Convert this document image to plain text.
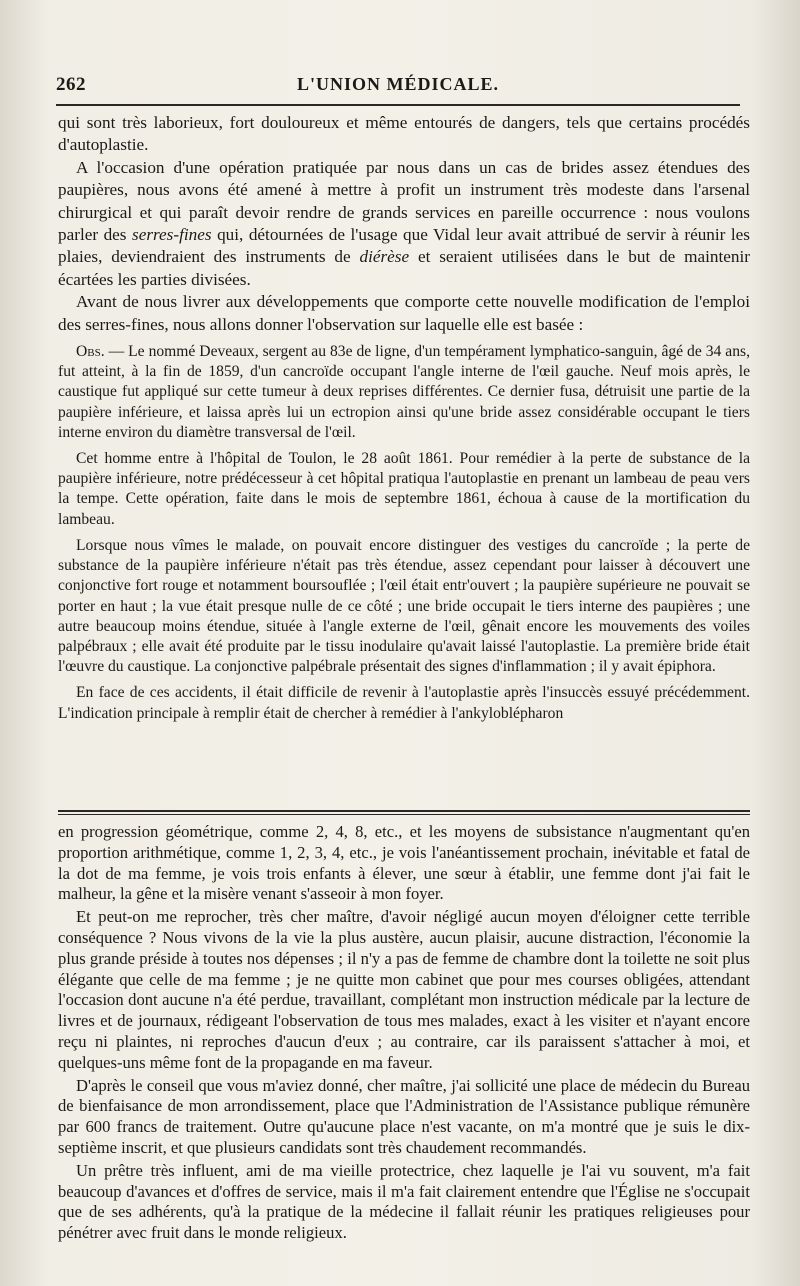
262	L'UNION MÉDICALE.

qui sont très laborieux, fort douloureux et même entourés de dangers, tels que certains procédés d'autoplastie.

A l'occasion d'une opération pratiquée par nous dans un cas de brides assez étendues des paupières, nous avons été amené à mettre à profit un instrument très modeste dans l'arsenal chirurgical et qui paraît devoir rendre de grands services en pareille occurrence : nous voulons parler des serres-fines qui, détournées de l'usage que Vidal leur avait attribué de servir à réunir les plaies, deviendraient des instruments de diérèse et seraient utilisées dans le but de maintenir écartées les parties divisées.

Avant de nous livrer aux développements que comporte cette nouvelle modification de l'emploi des serres-fines, nous allons donner l'observation sur laquelle elle est basée :

Obs. — Le nommé Deveaux, sergent au 83e de ligne, d'un tempérament lymphatico-sanguin, âgé de 34 ans, fut atteint, à la fin de 1859, d'un cancroïde occupant l'angle interne de l'œil gauche. Neuf mois après, le caustique fut appliqué sur cette tumeur à deux reprises différentes. Ce dernier fusa, détruisit une partie de la paupière inférieure, et laissa après lui un ectropion ainsi qu'une bride assez considérable occupant le tiers interne environ du diamètre transversal de l'œil.

Cet homme entre à l'hôpital de Toulon, le 28 août 1861. Pour remédier à la perte de substance de la paupière inférieure, notre prédécesseur à cet hôpital pratiqua l'autoplastie en prenant un lambeau de peau vers la tempe. Cette opération, faite dans le mois de septembre 1861, échoua à cause de la mortification du lambeau.

Lorsque nous vîmes le malade, on pouvait encore distinguer des vestiges du cancroïde ; la perte de substance de la paupière inférieure n'était pas très étendue, assez cependant pour laisser à découvert une conjonctive fort rouge et notamment boursouflée ; l'œil était entr'ouvert ; la paupière supérieure ne pouvait se porter en haut ; la vue était presque nulle de ce côté ; une bride occupait le tiers interne des paupières ; une autre beaucoup moins étendue, située à l'angle externe de l'œil, gênait encore les mouvements des voiles palpébraux ; elle avait été produite par le tissu inodulaire qu'avait laissé l'autoplastie. La première bride était l'œuvre du caustique. La conjonctive palpébrale présentait des signes d'inflammation ; il y avait épiphora.

En face de ces accidents, il était difficile de revenir à l'autoplastie après l'insuccès essuyé précédemment. L'indication principale à remplir était de chercher à remédier à l'ankyloblépharon

en progression géométrique, comme 2, 4, 8, etc., et les moyens de subsistance n'augmentant qu'en proportion arithmétique, comme 1, 2, 3, 4, etc., je vois l'anéantissement prochain, inévitable et fatal de la dot de ma femme, je vois trois enfants à élever, une sœur à établir, une femme dont j'ai fait le malheur, la gêne et la misère venant s'asseoir à mon foyer.

Et peut-on me reprocher, très cher maître, d'avoir négligé aucun moyen d'éloigner cette terrible conséquence ? Nous vivons de la vie la plus austère, aucun plaisir, aucune distraction, l'économie la plus grande préside à toutes nos dépenses ; il n'y a pas de femme de chambre dont la toilette ne soit plus élégante que celle de ma femme ; je ne quitte mon cabinet que pour mes courses obligées, attendant l'occasion dont aucune n'a été perdue, travaillant, complétant mon instruction médicale par la lecture de livres et de journaux, rédigeant l'observation de tous mes malades, exact à les visiter et n'ayant encore reçu ni plaintes, ni reproches d'aucun d'eux ; au contraire, car ils paraissent s'attacher à moi, et quelques-uns même font de la propagande en ma faveur.

D'après le conseil que vous m'aviez donné, cher maître, j'ai sollicité une place de médecin du Bureau de bienfaisance de mon arrondissement, place que l'Administration de l'Assistance publique rémunère par 600 francs de traitement. Outre qu'aucune place n'est vacante, on m'a montré que je suis le dix-septième inscrit, et que plusieurs candidats sont très chaudement recommandés.

Un prêtre très influent, ami de ma vieille protectrice, chez laquelle je l'ai vu souvent, m'a fait beaucoup d'avances et d'offres de service, mais il m'a fait clairement entendre que l'Église ne s'occupait que de ses adhérents, qu'à la pratique de la médecine il fallait réunir les pratiques religieuses pour pénétrer avec fruit dans le monde religieux.
